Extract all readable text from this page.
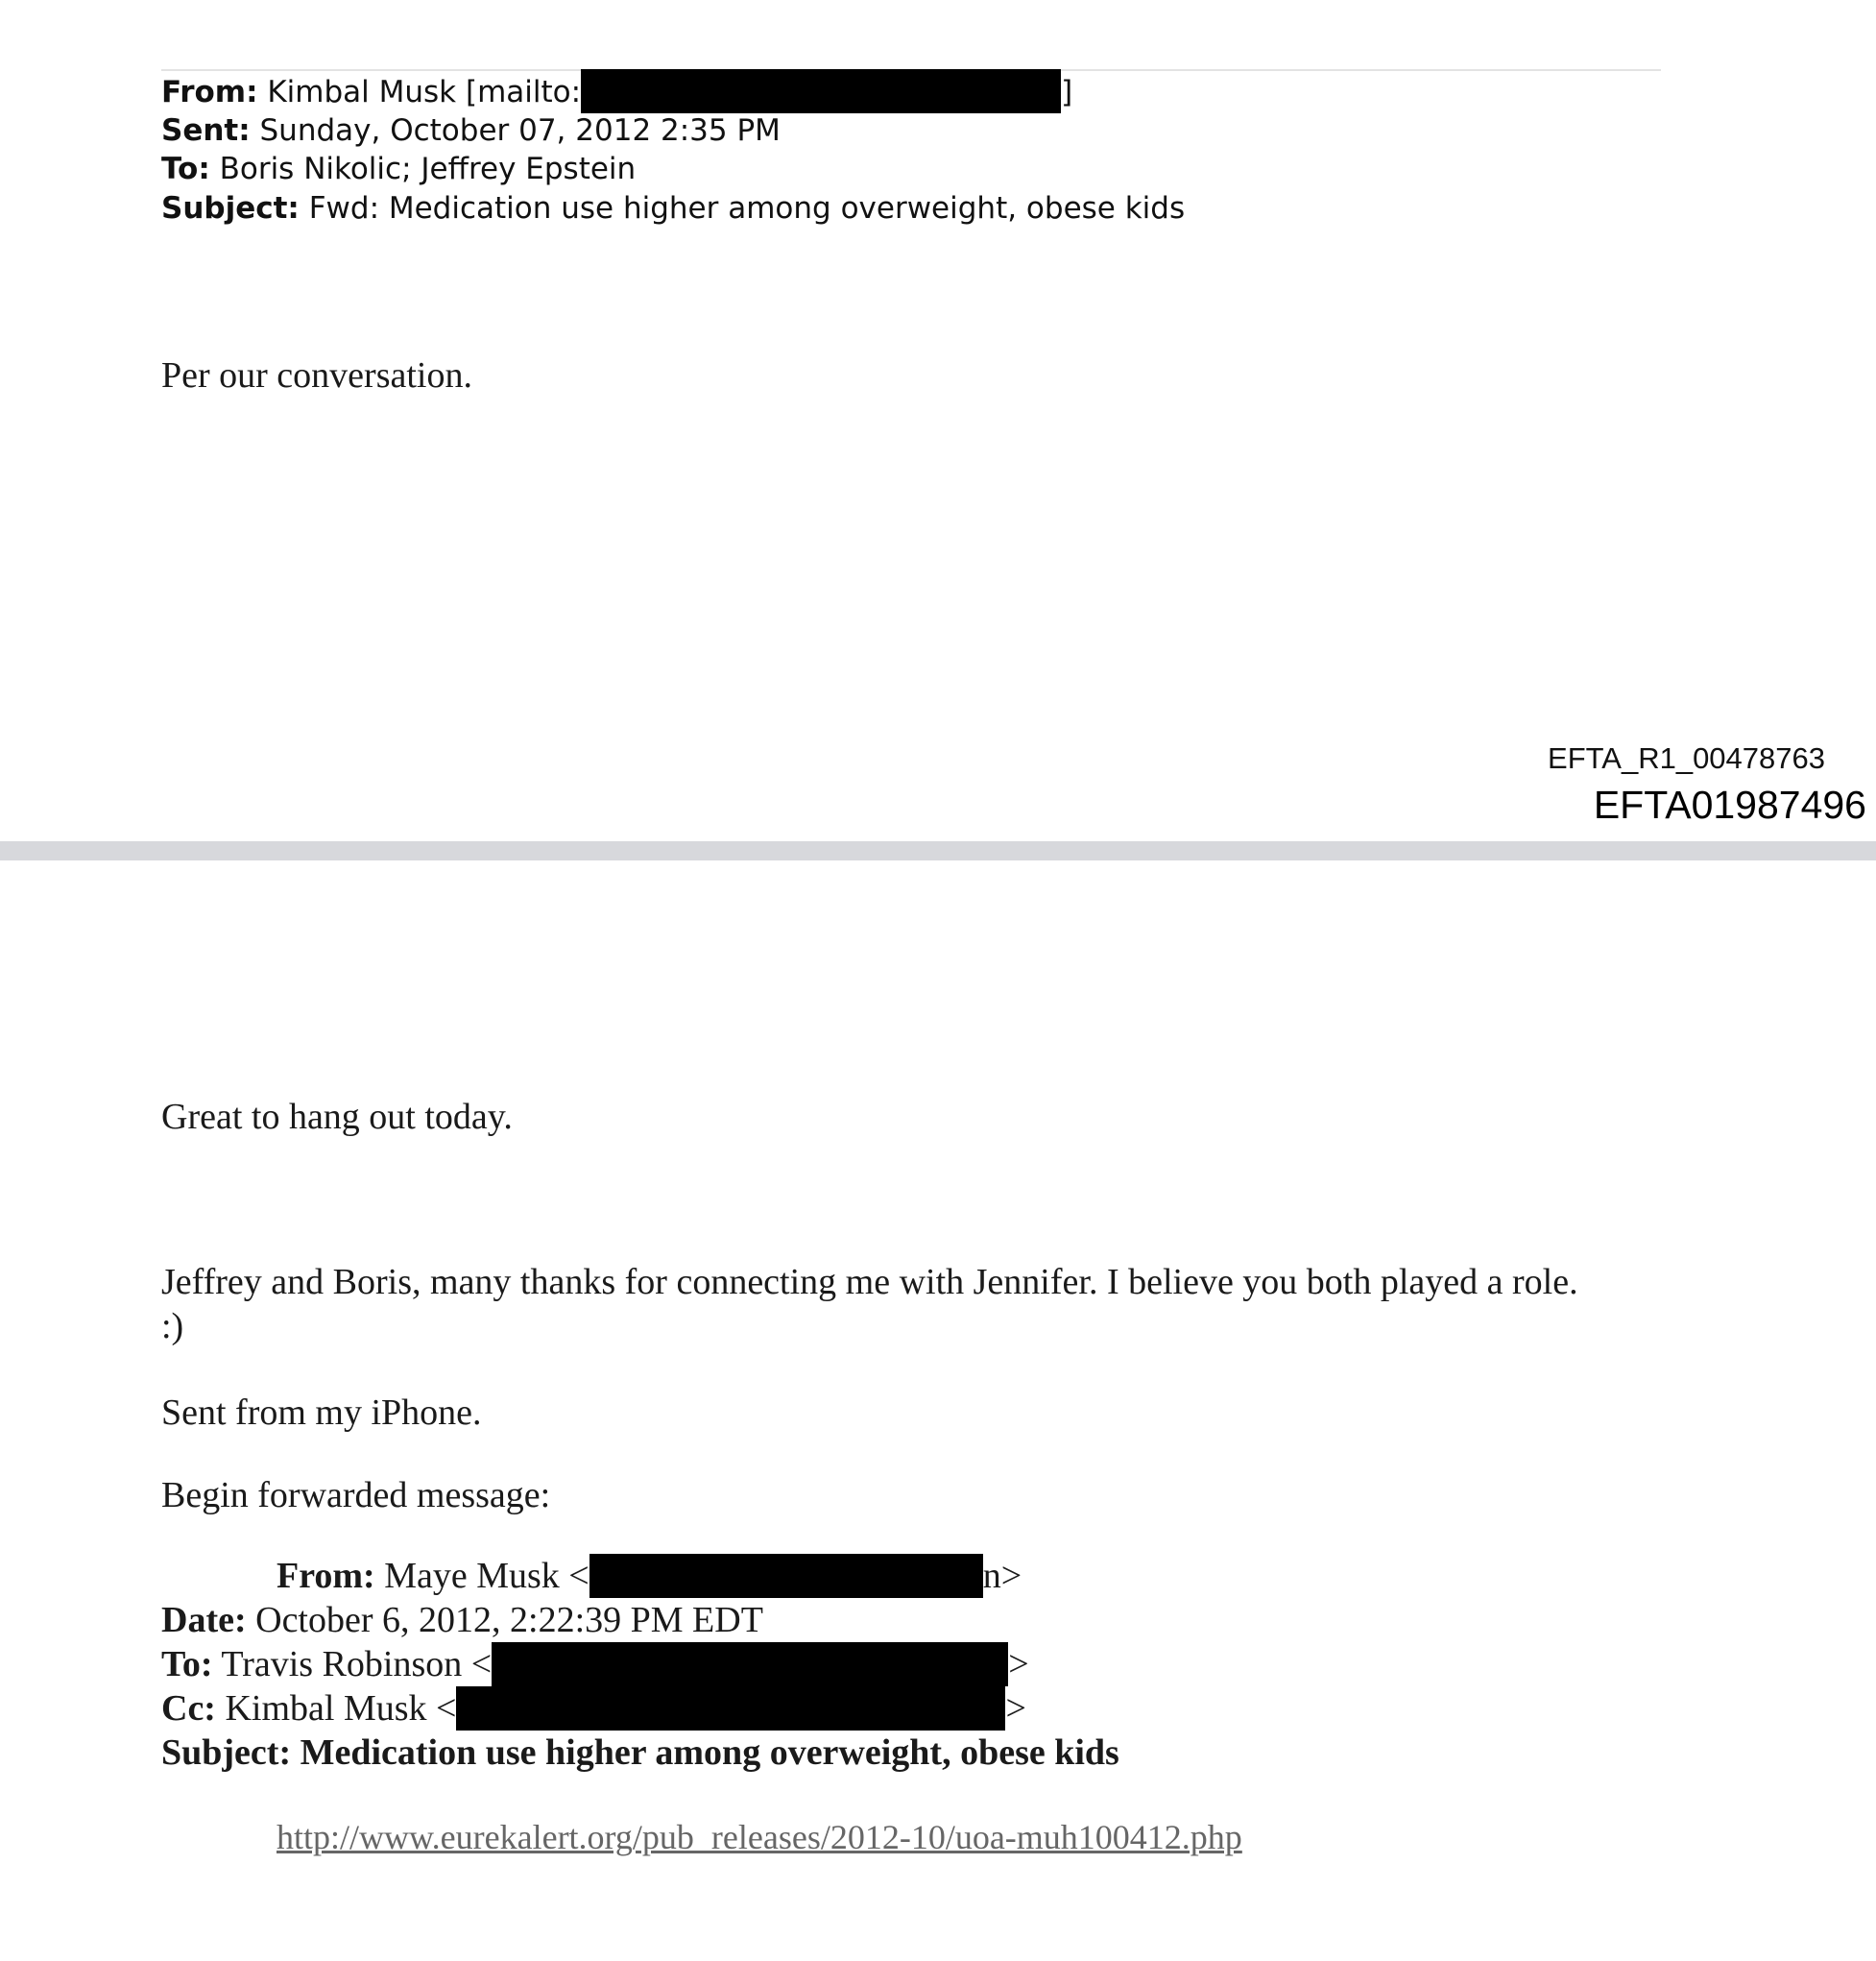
From: Kimbal Musk [mailto:	]
Sent: Sunday, October 07, 2012 2:35 PM
To: Boris Nikolic; Jeffrey Epstein
Subject: Fwd: Medication use higher among overweight, obese kids
Per our conversation.
EFTA_R1_00478763
EFTA01987496
Great to hang out today.
Jeffrey and Boris, many thanks for connecting me with Jennifer. I believe you both played a role.
:)
Sent from my iPhone.
Begin forwarded message:
From: Maye Musk <	n>
Date: October 6, 2012, 2:22:39 PM EDT
To: Travis Robinson <	>
Cc: Kimbal Musk <	>
Subject: Medication use higher among overweight, obese kids
http://www.eurekalert.org/pub_releases/2012-10/uoa-muh100412.php
